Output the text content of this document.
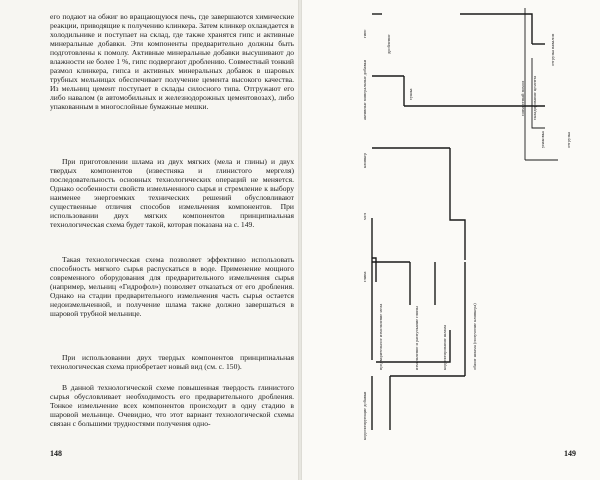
его подают на обжиг во вращающуюся печь, где завершаются химические реакции, приводящие к получению клинкера. Затем клинкер охлаждается в холодильнике и поступает на склад, где также хранятся гипс и активные минеральные добавки. Эти компоненты предварительно должны быть подготовлены к помолу. Активные минеральные добавки высушивают до влажности не более 1 %, гипс подвергают дроблению. Совместный тонкий размол клинкера, гипса и активных минеральных добавок в шаровых трубных мельницах обеспечивает получение цемента высокого качества. Из мельниц цемент поступает в склады силосного типа. Отгружают его либо навалом (в автомобильных и железнодорожных цементовозах), либо упакованным в многослойные бумажные мешки.

При приготовлении шлама из двух мягких (мела и глины) и двух твердых компонентов (известняка и глинистого мергеля) последовательность основных технологических операций не меняется. Однако особенности свойств измельченного сырья и стремление к выбору наименее энергоемких технических решений обусловливают существенные отличия способов измельчения компонентов. При использовании двух мягких компонентов принципиальная технологическая схема будет такой, которая показана на с. 149.

Такая технологическая схема позволяет эффективно использовать способность мягкого сырья распускаться в воде. Применение мощного современного оборудования для предварительного измельчения сырья (например, мельниц «Гидрофол») позволяет отказаться от его дробления. Однако на стадии предварительного измельчения часть сырья остается недоизмельченной, и получение шлама также должно завершаться в шаровой трубной мельнице.

При использовании двух твердых компонентов принципиальная технологическая схема приобретает новый вид (см. с. 150).

В данной технологической схеме повышенная твердость глинистого сырья обусловливает необходимость его предварительного дробления. Тонкое измельчение всех компонентов происходит в одну стадию в шаровой мельнице. Очевидно, что этот вариант технологической схемы связан с большими трудностями получения одно-

148	149
гипс
дробление
активные минеральные добавки	сушка
клинкер
мел
глина
совместный помол складирование цемента
отгрузка навалом
упаковка	отгрузка
предварительное измельчение мела	измельчение и распускание глины	корректирование шлама	обжиг шлама (получение клинкера)
корректирующие добавки
